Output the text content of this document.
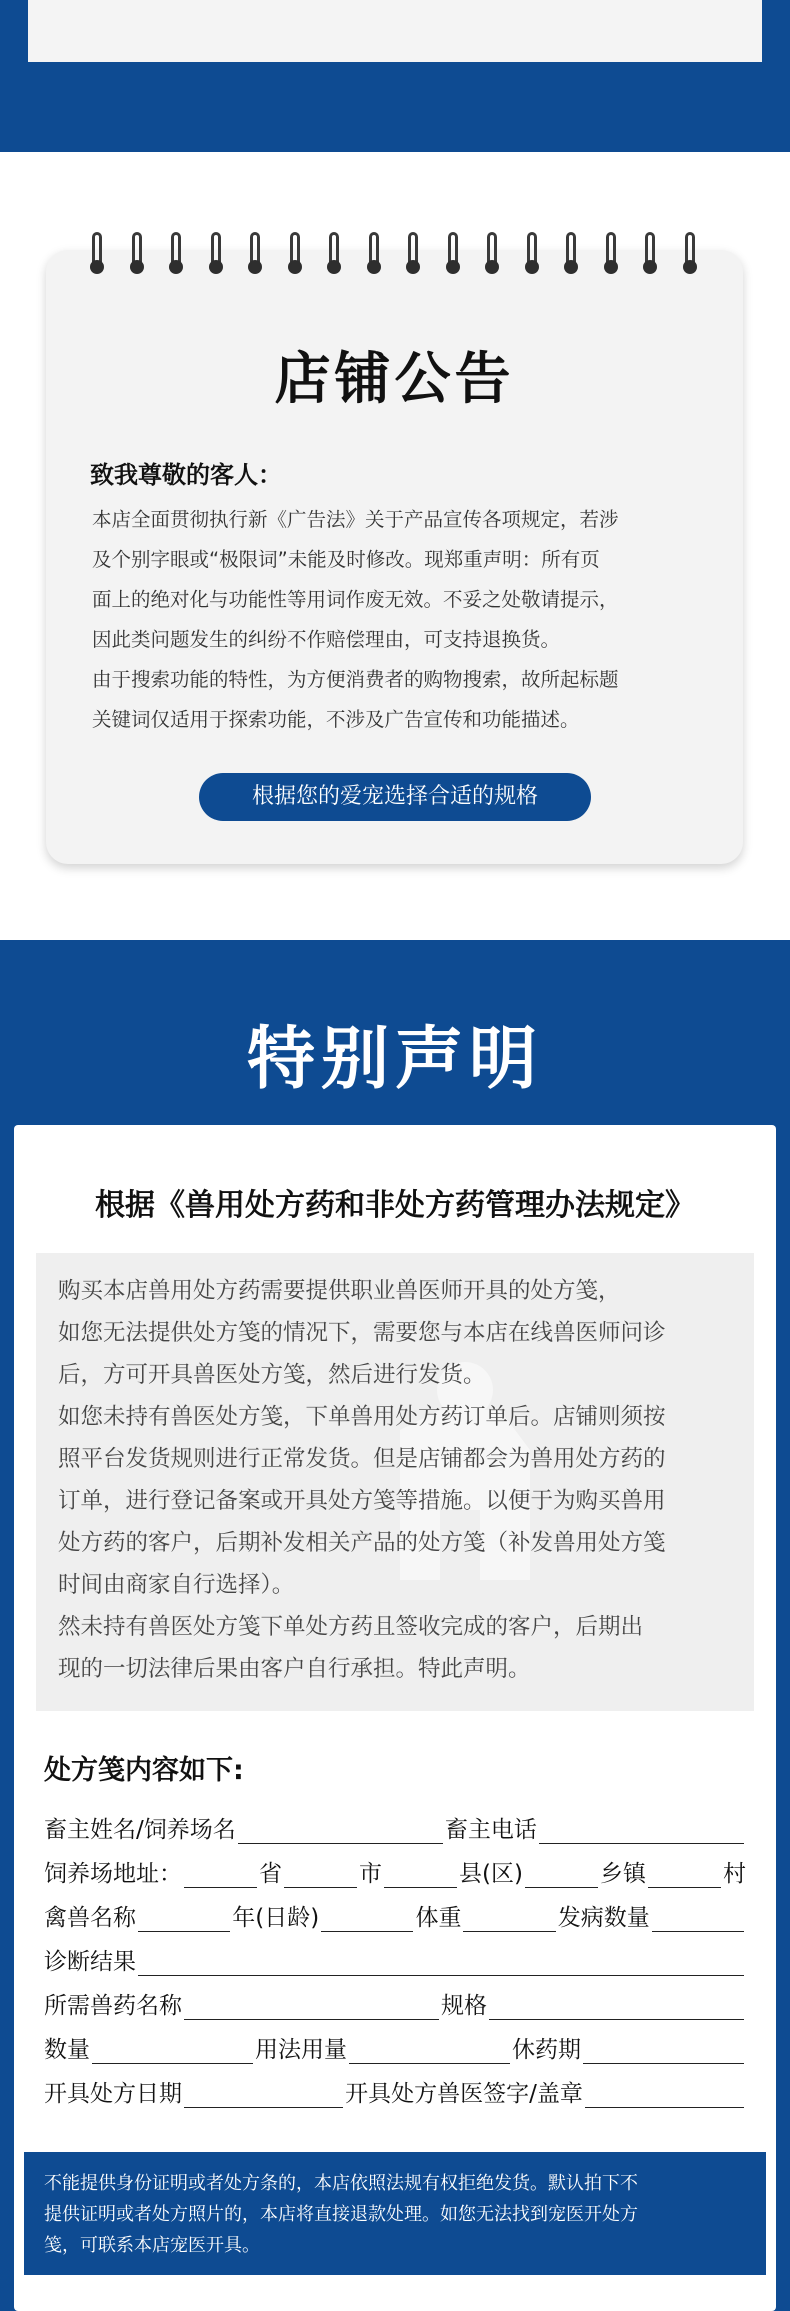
店铺公告
致我尊敬的客人：

本店全面贯彻执行新《广告法》关于产品宣传各项规定，若涉

及个别字眼或“极限词”未能及时修改。现郑重声明：所有页

面上的绝对化与功能性等用词作废无效。不妥之处敬请提示，

因此类问题发生的纠纷不作赔偿理由，可支持退换货。

由于搜索功能的特性，为方便消费者的购物搜索，故所起标题

关键词仅适用于探索功能，不涉及广告宣传和功能描述。

根据您的爱宠选择合适的规格
特别声明
根据《兽用处方药和非处方药管理办法规定》

购买本店兽用处方药需要提供职业兽医师开具的处方笺，

如您无法提供处方笺的情况下，需要您与本店在线兽医师问诊

后，方可开具兽医处方笺，然后进行发货。

如您未持有兽医处方笺，下单兽用处方药订单后。店铺则须按

照平台发货规则进行正常发货。但是店铺都会为兽用处方药的

订单，进行登记备案或开具处方笺等措施。以便于为购买兽用

处方药的客户，后期补发相关产品的处方笺（补发兽用处方笺

时间由商家自行选择）。

然未持有兽医处方笺下单处方药且签收完成的客户，后期出

现的一切法律后果由客户自行承担。特此声明。

处方笺内容如下:
畜主姓名/饲养场名	畜主电话
饲养场地址：	省	市	县(区)	乡镇	村
禽兽名称	年(日龄)	体重	发病数量
诊断结果
所需兽药名称	规格
数量	用法用量	休药期
开具处方日期	开具处方兽医签字/盖章
不能提供身份证明或者处方条的，本店依照法规有权拒绝发货。默认拍下不
提供证明或者处方照片的，本店将直接退款处理。如您无法找到宠医开处方
笺，可联系本店宠医开具。
